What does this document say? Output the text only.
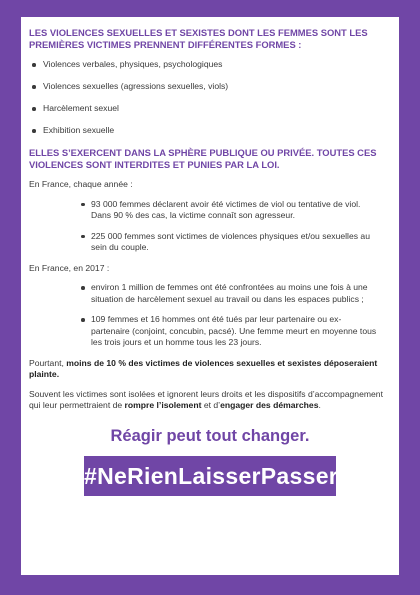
LES VIOLENCES SEXUELLES ET SEXISTES DONT LES FEMMES SONT LES PREMIÈRES VICTIMES PRENNENT DIFFÉRENTES FORMES :

Violences verbales, physiques, psychologiques
Violences sexuelles (agressions sexuelles, viols)
Harcèlement sexuel
Exhibition sexuelle

ELLES S’EXERCENT DANS LA SPHÈRE PUBLIQUE OU PRIVÉE. TOUTES CES VIOLENCES SONT INTERDITES ET PUNIES PAR LA LOI.

En France, chaque année :

93 000 femmes déclarent avoir été victimes de viol ou tentative de viol. Dans 90 % des cas, la victime connaît son agresseur.
225 000 femmes sont victimes de violences physiques et/ou sexuelles au sein du couple.

En France, en 2017 :

environ 1 million de femmes ont été confrontées au moins une fois à une situation de harcèlement sexuel au travail ou dans les espaces publics ;
109 femmes et 16 hommes ont été tués par leur partenaire ou ex-partenaire (conjoint, concubin, pacsé). Une femme meurt en moyenne tous les trois jours et un homme tous les 23 jours.

Pourtant, moins de 10 % des victimes de violences sexuelles et sexistes déposeraient plainte.

Souvent les victimes sont isolées et ignorent leurs droits et les dispositifs d’accompagnement qui leur permettraient de rompre l’isolement et d’engager des démarches.

Réagir peut tout changer.
#NeRienLaisserPasser
